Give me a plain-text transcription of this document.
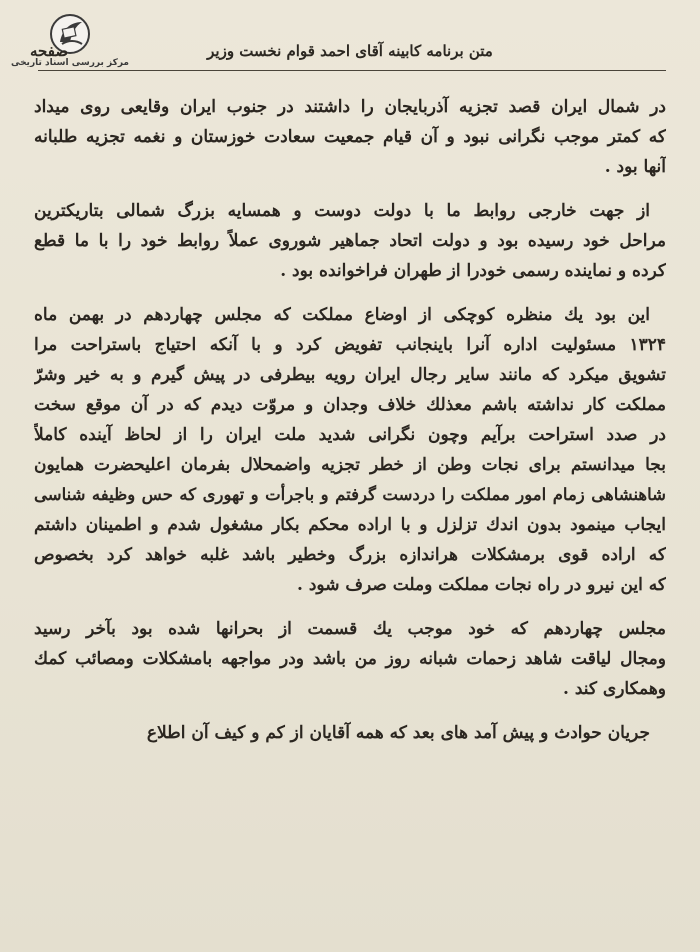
مرکز بررسی اسناد تاریخی
متن برنامه کابینه آقای احمد قوام نخست وزیر
صفحه
در شمال ایران قصد تجزیه آذربایجان را داشتند در جنوب ایران وقایعی روی میداد
که کمتر موجب نگرانی نبود و آن قیام جمعیت سعادت خوزستان و نغمه تجزیه طلبانه
آنها بود .
از جهت خارجی روابط ما با دولت دوست و همسایه بزرگ شمالی بتاریکترین
مراحل خود رسیده بود و دولت اتحاد جماهیر شوروی عملاً روابط خود را با ما قطع
کرده و نماینده رسمی خودرا از طهران فراخوانده بود .
این بود یك منظره کوچکی از اوضاع مملکت که مجلس چهاردهم در بهمن ماه
۱۳۲۴ مسئولیت اداره آنرا باینجانب تفویض کرد و با آنکه احتیاج باستراحت مرا
تشویق میکرد که مانند سایر رجال ایران رویه بیطرفی در پیش گیرم و به خیر وشرّ
مملکت کار نداشته باشم معذلك خلاف وجدان و مروّت دیدم که در آن موقع سخت
در صدد استراحت برآیم وچون نگرانی شدید ملت ایران را از لحاظ آینده کاملاً
بجا میدانستم برای نجات وطن از خطر تجزیه واضمحلال بفرمان اعلیحضرت همایون
شاهنشاهی زمام امور مملکت را دردست گرفتم و باجرأت و تهوری که حس وظیفه شناسی
ایجاب مینمود بدون اندك تزلزل و با اراده محکم بکار مشغول شدم و اطمینان داشتم
که اراده قوی برمشکلات هراندازه بزرگ وخطیر باشد غلبه خواهد کرد بخصوص
که این نیرو در راه نجات مملکت وملت صرف شود .
مجلس چهاردهم که خود موجب یك قسمت از بحرانها شده بود بآخر رسید
ومجال لیاقت شاهد زحمات شبانه روز من باشد ودر مواجهه بامشکلات ومصائب کمك
وهمکاری کند .
جریان حوادث و پیش آمد های بعد که همه آقایان از کم و کیف آن اطلاع
